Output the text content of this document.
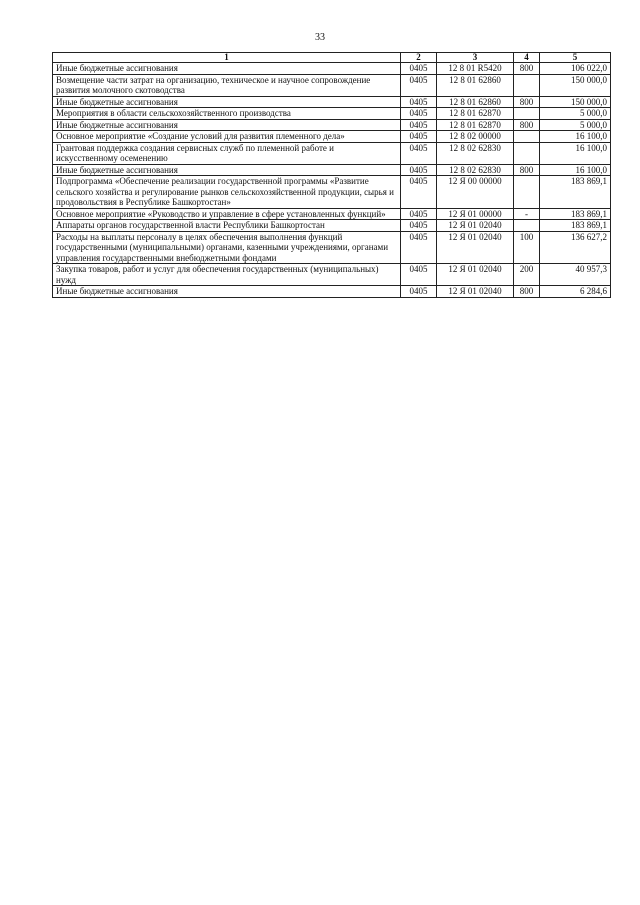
33
1	2	3	4	5
Иные бюджетные ассигнования	0405	12 8 01 R5420	800	106 022,0
Возмещение части затрат на организацию, техническое и научное сопровождение развития молочного скотоводства	0405	12 8 01 62860		150 000,0
Иные бюджетные ассигнования	0405	12 8 01 62860	800	150 000,0
Мероприятия в области сельскохозяйственного производства	0405	12 8 01 62870		5 000,0
Иные бюджетные ассигнования	0405	12 8 01 62870	800	5 000,0
Основное мероприятие «Создание условий для развития племенного дела»	0405	12 8 02 00000		16 100,0
Грантовая поддержка создания сервисных служб по племенной работе и искусственному осеменению	0405	12 8 02 62830		16 100,0
Иные бюджетные ассигнования	0405	12 8 02 62830	800	16 100,0
Подпрограмма «Обеспечение реализации государственной программы «Развитие сельского хозяйства и регулирование рынков сельскохозяйственной продукции, сырья и продовольствия в Республике Башкортостан»	0405	12 Я 00 00000		183 869,1
Основное мероприятие «Руководство и управление в сфере установленных функций»	0405	12 Я 01 00000	-	183 869,1
Аппараты органов государственной власти Республики Башкортостан	0405	12 Я 01 02040		183 869,1
Расходы на выплаты персоналу в целях обеспечения выполнения функций государственными (муниципальными) органами, казенными учреждениями, органами управления государственными внебюджетными фондами	0405	12 Я 01 02040	100	136 627,2
Закупка товаров, работ и услуг для обеспечения государственных (муниципальных) нужд	0405	12 Я 01 02040	200	40 957,3
Иные бюджетные ассигнования	0405	12 Я 01 02040	800	6 284,6
